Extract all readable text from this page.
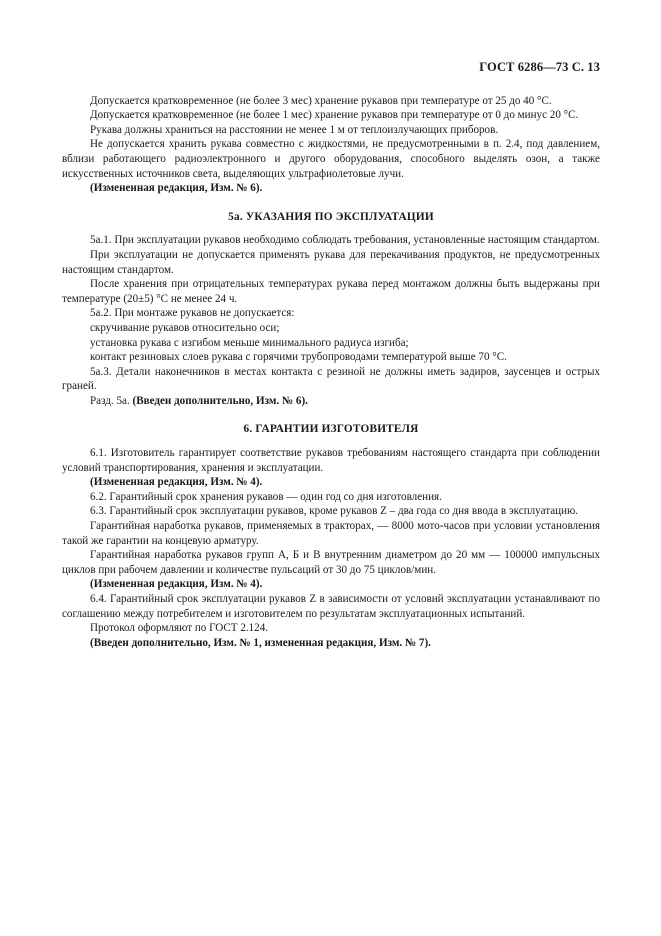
ГОСТ 6286—73 С. 13

Допускается кратковременное (не более 3 мес) хранение рукавов при температуре от 25 до 40 °С.

Допускается кратковременное (не более 1 мес) хранение рукавов при температуре от 0 до минус 20 °С.

Рукава должны храниться на расстоянии не менее 1 м от теплоизлучающих приборов.

Не допускается хранить рукава совместно с жидкостями, не предусмотренными в п. 2.4, под давлением, вблизи работающего радиоэлектронного и другого оборудования, способного выделять озон, а также искусственных источников света, выделяющих ультрафиолетовые лучи.

(Измененная редакция, Изм. № 6).

5а. УКАЗАНИЯ ПО ЭКСПЛУАТАЦИИ

5а.1. При эксплуатации рукавов необходимо соблюдать требования, установленные настоящим стандартом.

При эксплуатации не допускается применять рукава для перекачивания продуктов, не предусмотренных настоящим стандартом.

После хранения при отрицательных температурах рукава перед монтажом должны быть выдержаны при температуре (20±5) °С не менее 24 ч.

5а.2. При монтаже рукавов не допускается:

скручивание рукавов относительно оси;

установка рукава с изгибом меньше минимального радиуса изгиба;

контакт резиновых слоев рукава с горячими трубопроводами температурой выше 70 °С.

5а.3. Детали наконечников в местах контакта с резиной не должны иметь задиров, заусенцев и острых граней.

Разд. 5а. (Введен дополнительно, Изм. № 6).

6. ГАРАНТИИ ИЗГОТОВИТЕЛЯ

6.1. Изготовитель гарантирует соответствие рукавов требованиям настоящего стандарта при соблюдении условий транспортирования, хранения и эксплуатации.

(Измененная редакция, Изм. № 4).

6.2. Гарантийный срок хранения рукавов — один год со дня изготовления.

6.3. Гарантийный срок эксплуатации рукавов, кроме рукавов Z – два года со дня ввода в эксплуатацию.

Гарантийная наработка рукавов, применяемых в тракторах, — 8000 мото-часов при условии установления такой же гарантии на концевую арматуру.

Гарантийная наработка рукавов групп А, Б и В внутренним диаметром до 20 мм — 100000 импульсных циклов при рабочем давлении и количестве пульсаций от 30 до 75 циклов/мин.

(Измененная редакция, Изм. № 4).

6.4. Гарантийный срок эксплуатации рукавов Z в зависимости от условий эксплуатации устанавливают по соглашению между потребителем и изготовителем по результатам эксплуатационных испытаний.

Протокол оформляют по ГОСТ 2.124.

(Введен дополнительно, Изм. № 1, измененная редакция, Изм. № 7).
